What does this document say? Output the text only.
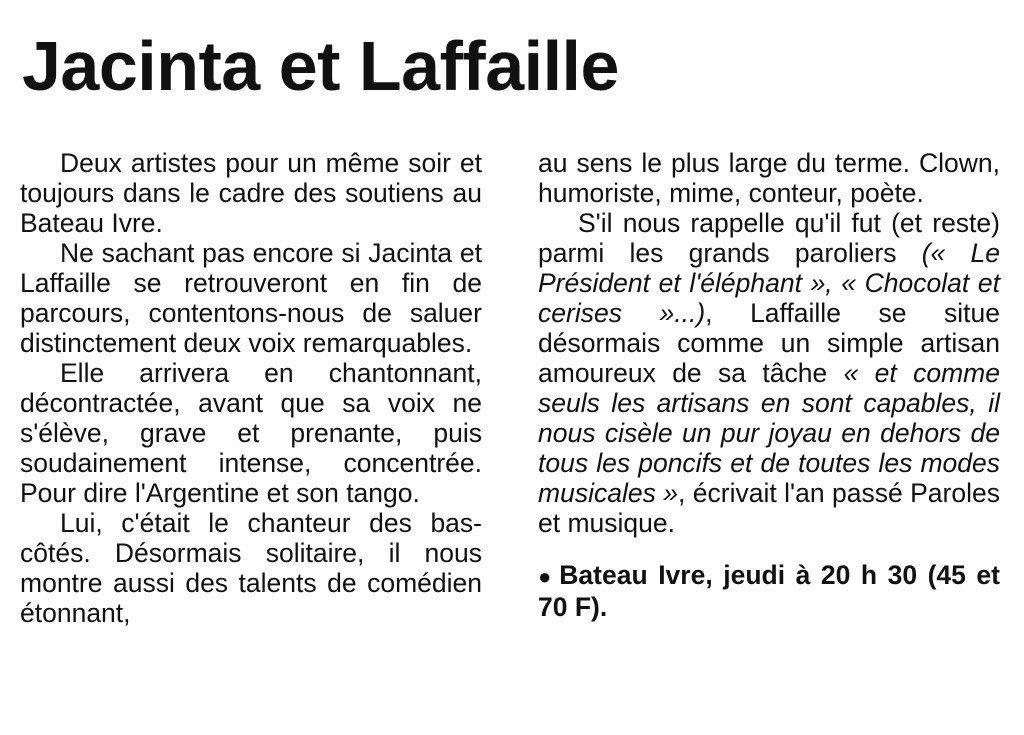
Jacinta et Laffaille

Deux artistes pour un même soir et toujours dans le cadre des soutiens au Bateau Ivre.

Ne sachant pas encore si Jacinta et Laffaille se retrouveront en fin de parcours, contentons-nous de saluer distinctement deux voix remarquables.

Elle arrivera en chantonnant, décontractée, avant que sa voix ne s'élève, grave et prenante, puis soudainement intense, concentrée. Pour dire l'Argentine et son tango.

Lui, c'était le chanteur des bas-côtés. Désormais solitaire, il nous montre aussi des talents de comédien étonnant,

au sens le plus large du terme. Clown, humoriste, mime, conteur, poète.

S'il nous rappelle qu'il fut (et reste) parmi les grands paroliers (« Le Président et l'éléphant », « Chocolat et cerises »...), Laffaille se situe désormais comme un simple artisan amoureux de sa tâche « et comme seuls les artisans en sont capables, il nous cisèle un pur joyau en dehors de tous les poncifs et de toutes les modes musicales », écrivait l'an passé Paroles et musique.

● Bateau Ivre, jeudi à 20 h 30 (45 et 70 F).
